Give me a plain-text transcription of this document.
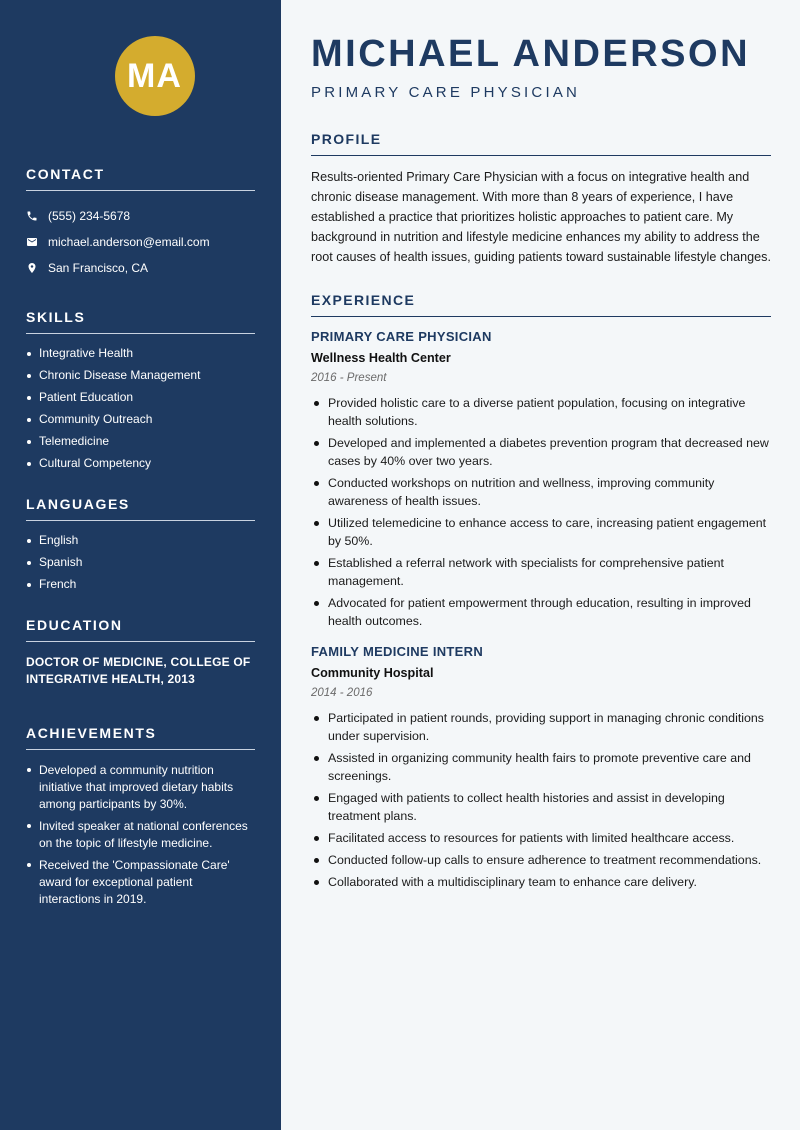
MA
CONTACT
(555) 234-5678
michael.anderson@email.com
San Francisco, CA
SKILLS
Integrative Health
Chronic Disease Management
Patient Education
Community Outreach
Telemedicine
Cultural Competency
LANGUAGES
English
Spanish
French
EDUCATION
DOCTOR OF MEDICINE, COLLEGE OF INTEGRATIVE HEALTH, 2013
ACHIEVEMENTS
Developed a community nutrition initiative that improved dietary habits among participants by 30%.
Invited speaker at national conferences on the topic of lifestyle medicine.
Received the 'Compassionate Care' award for exceptional patient interactions in 2019.
MICHAEL ANDERSON
PRIMARY CARE PHYSICIAN
PROFILE

Results-oriented Primary Care Physician with a focus on integrative health and chronic disease management. With more than 8 years of experience, I have established a practice that prioritizes holistic approaches to patient care. My background in nutrition and lifestyle medicine enhances my ability to address the root causes of health issues, guiding patients toward sustainable lifestyle changes.

EXPERIENCE
PRIMARY CARE PHYSICIAN
Wellness Health Center
2016 - Present
Provided holistic care to a diverse patient population, focusing on integrative health solutions.
Developed and implemented a diabetes prevention program that decreased new cases by 40% over two years.
Conducted workshops on nutrition and wellness, improving community awareness of health issues.
Utilized telemedicine to enhance access to care, increasing patient engagement by 50%.
Established a referral network with specialists for comprehensive patient management.
Advocated for patient empowerment through education, resulting in improved health outcomes.
FAMILY MEDICINE INTERN
Community Hospital
2014 - 2016
Participated in patient rounds, providing support in managing chronic conditions under supervision.
Assisted in organizing community health fairs to promote preventive care and screenings.
Engaged with patients to collect health histories and assist in developing treatment plans.
Facilitated access to resources for patients with limited healthcare access.
Conducted follow-up calls to ensure adherence to treatment recommendations.
Collaborated with a multidisciplinary team to enhance care delivery.
